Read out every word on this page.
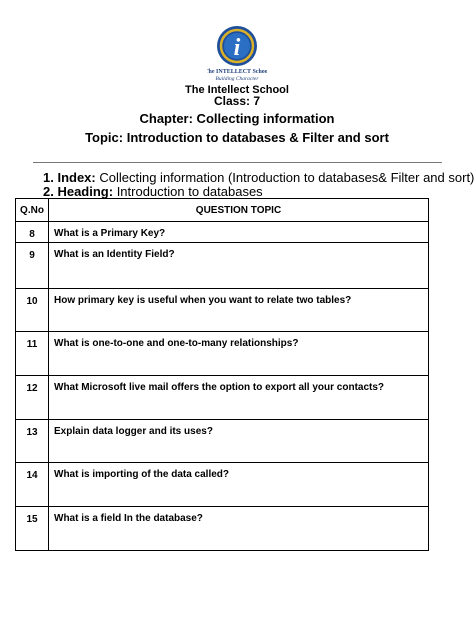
i
The INTELLECT School
Building Character
The Intellect School
Class: 7
Chapter: Collecting information
Topic: Introduction to databases & Filter and sort
1. Index: Collecting information (Introduction to databases& Filter and sort)
2. Heading: Introduction to databases
Q.No	QUESTION TOPIC
8	What is a Primary Key?
9	What is an Identity Field?
10	How primary key is useful when you want to relate two tables?
11	What is one-to-one and one-to-many relationships?
12	What Microsoft live mail offers the option to export all your contacts?
13	Explain data logger and its uses?
14	What is importing of the data called?
15	What is a field In the database?
